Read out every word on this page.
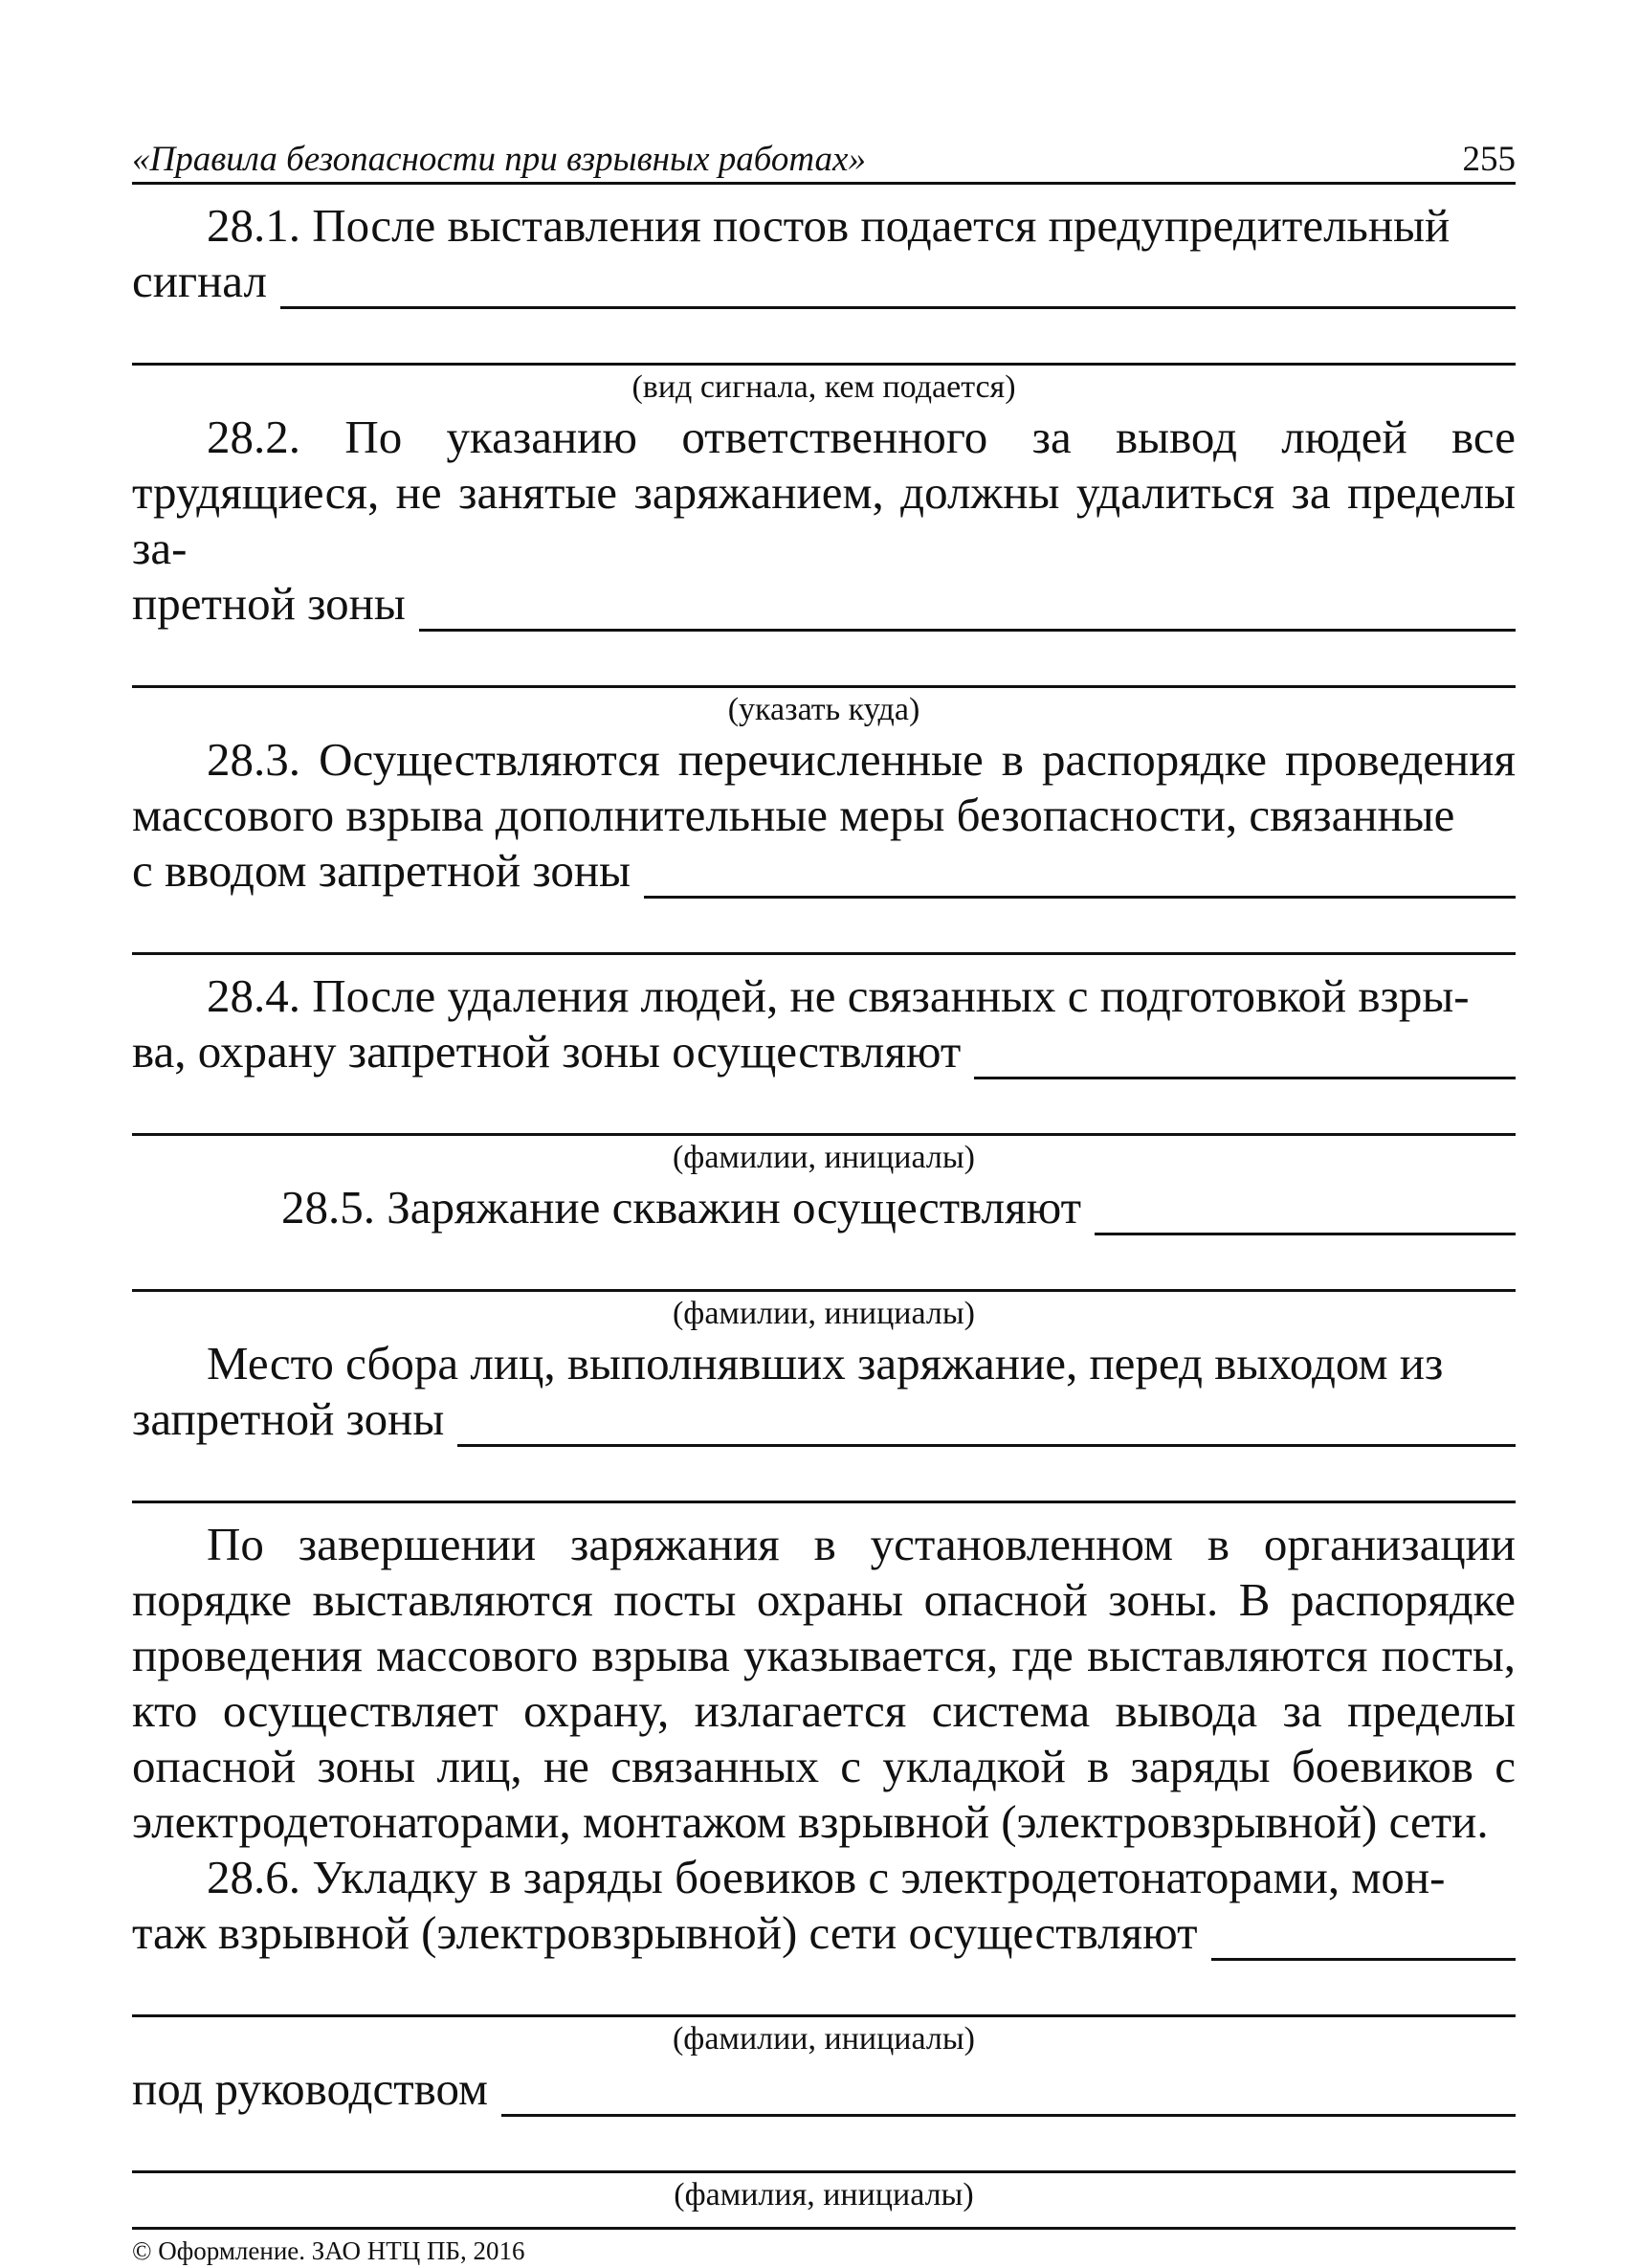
«Правила безопасности при взрывных работах»	255

28.1. После выставления постов подается предупредительный

сигнал
(вид сигнала, кем подается)

28.2. По указанию ответственного за вывод людей все трудящиеся, не занятые заряжанием, должны удалиться за пределы за-

претной зоны
(указать куда)

28.3. Осуществляются перечисленные в распорядке проведения массового взрыва дополнительные меры безопасности, связанные

с вводом запретной зоны

28.4. После удаления людей, не связанных с подготовкой взры-

ва, охрану запретной зоны осуществляют
(фамилии, инициалы)
28.5. Заряжание скважин осуществляют
(фамилии, инициалы)

Место сбора лиц, выполнявших заряжание, перед выходом из

запретной зоны

По завершении заряжания в установленном в организации порядке выставляются посты охраны опасной зоны. В распорядке проведения массового взрыва указывается, где выставляются посты, кто осуществляет охрану, излагается система вывода за пределы опасной зоны лиц, не связанных с укладкой в заряды боевиков с электродетонаторами, монтажом взрывной (электровзрывной) сети.

28.6. Укладку в заряды боевиков с электродетонаторами, мон-

таж взрывной (электровзрывной) сети осуществляют
(фамилии, инициалы)
под руководством
(фамилия, инициалы)
© Оформление. ЗАО НТЦ ПБ, 2016
